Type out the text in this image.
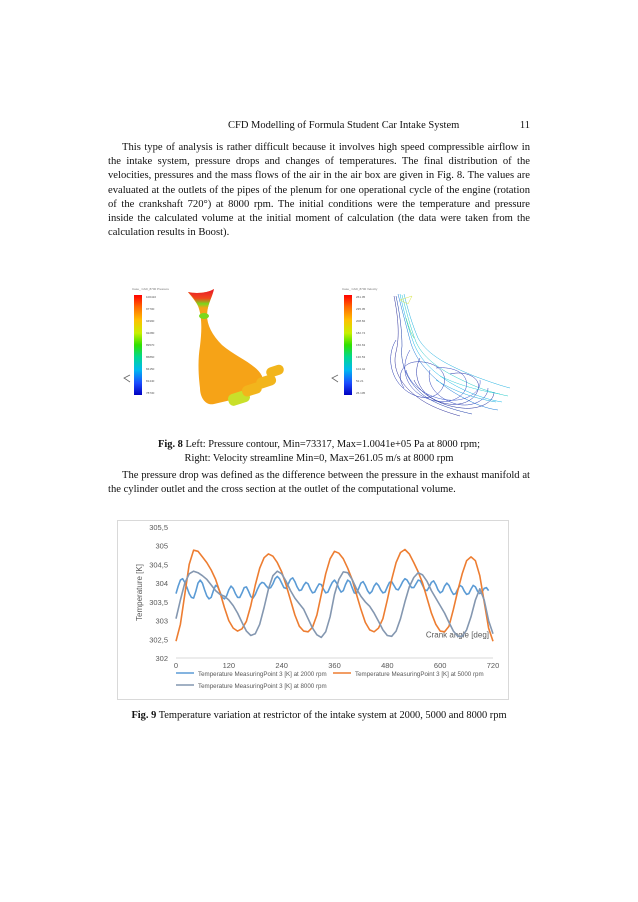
CFD Modelling of Formula Student Car Intake System	11

This type of analysis is rather difficult because it involves high speed compressible airflow in the intake system, pressure drops and changes of temperatures. The final distribution of the velocities, pressures and the mass flows of the air in the air box are given in Fig. 8. The values are evaluated at the outlets of the pipes of the plenum for one operational cycle of the engine (rotation of the crankshaft 720°) at 8000 rpm. The initial conditions were the temperature and pressure inside the calculated volume at the initial moment of calculation (the data were taken from the calculation results in Boost).

100410
97700
94990
92280
89570
86860
84150
81440
78730
Case_ CAD_8700 Pressure
261.05
235.05
208.84
182.74
156.63
130.53
104.42
52.21
26.105
Case_ CAD_8700 Velocity
Fig. 8 Left: Pressure contour, Min=73317, Max=1.0041e+05 Pa at 8000 rpm;
Right: Velocity streamline Min=0, Max=261.05 m/s at 8000 rpm

The pressure drop was defined as the difference between the pressure in the exhaust manifold at the cylinder outlet and the cross section at the outlet of the computational volume.

302
302,5
303
303,5
304
304,5
305
305,5
0	120	240	360	480	600	720
Temperature [K]
Crank angle [deg]
Temperature MeasuringPoint 3 [K] at 2000 rpm	Temperature MeasuringPoint 3 [K] at 5000 rpm
Temperature MeasuringPoint 3 [K] at 8000 rpm
Fig. 9 Temperature variation at restrictor of the intake system at 2000, 5000 and 8000 rpm
